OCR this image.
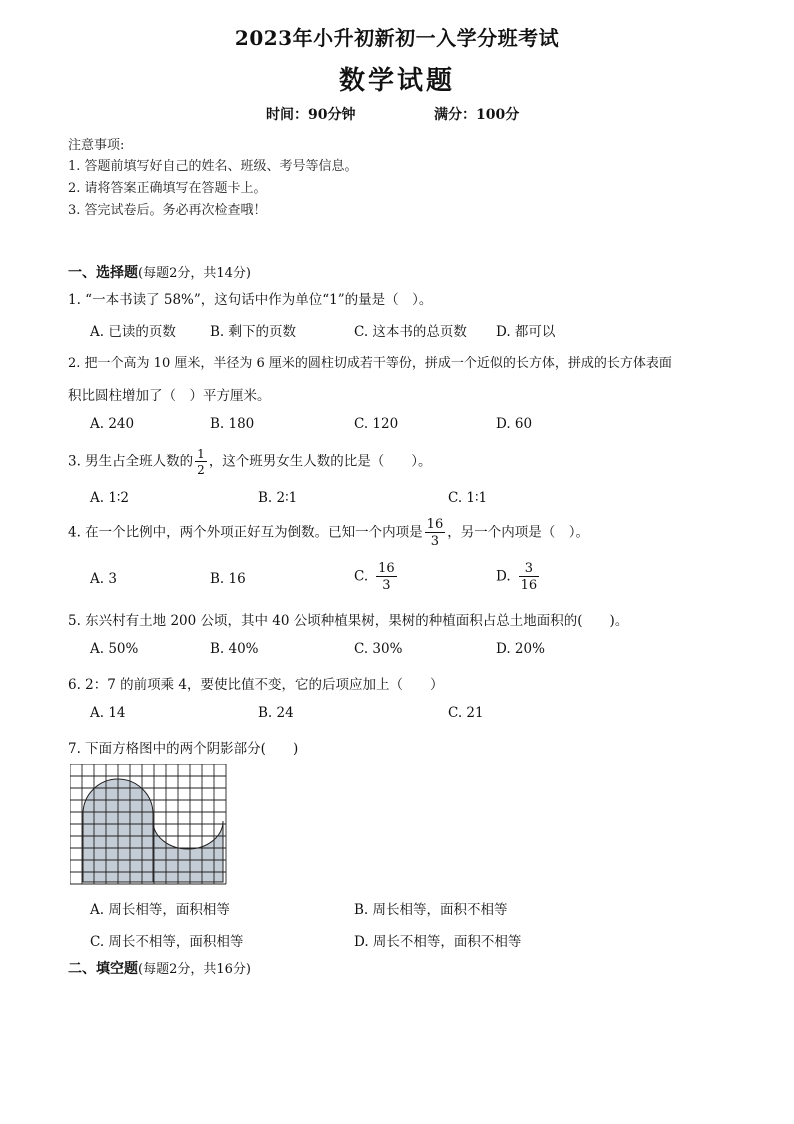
2023年小升初新初一入学分班考试
数学试题
时间：90分钟	满分：100分
注意事项:
1. 答题前填写好自己的姓名、班级、考号等信息。
2. 请将答案正确填写在答题卡上。
3. 答完试卷后。务必再次检查哦！
一、选择题(每题2分，共14分)
1. “一本书读了 58%”，这句话中作为单位“1”的量是（　）。
A. 已读的页数	B. 剩下的页数	C. 这本书的总页数 D. 都可以
2. 把一个高为 10 厘米，半径为 6 厘米的圆柱切成若干等份，拼成一个近似的长方体，拼成的长方体表面
积比圆柱增加了（　）平方厘米。
A. 240	B. 180	C. 120	D. 60
3. 男生占全班人数的 $\frac{1}{2}$ ，这个班男女生人数的比是（　　）。
A. 1∶2	B. 2∶1	C. 1∶1
4. 在一个比例中，两个外项正好互为倒数。已知一个内项是 $\frac{16}{3}$ ，另一个内项是（　）。
A. 3	B. 16	C. $\frac{16}{3}$	D. $\frac{3}{16}$
5. 东兴村有土地 200 公顷，其中 40 公顷种植果树，果树的种植面积占总土地面积的(　　)。
A. 50%	B. 40%	C. 30%	D. 20%
6. 2：7 的前项乘 4，要使比值不变，它的后项应加上（　　）
A. 14	B. 24	C. 21
7. 下面方格图中的两个阴影部分(　　)
A. 周长相等，面积相等	B. 周长相等，面积不相等
C. 周长不相等，面积相等	D. 周长不相等，面积不相等
二、填空题(每题2分，共16分)
